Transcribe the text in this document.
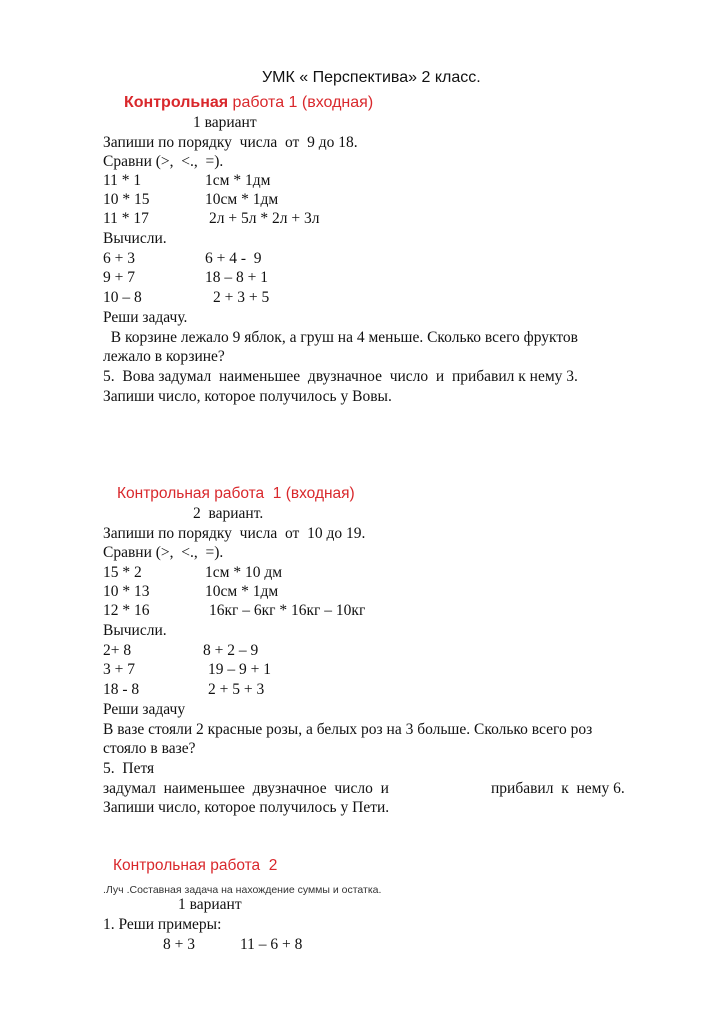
УМК « Перспектива» 2 класс.
Контрольная работа 1 (входная)
1 вариант
Запиши по порядку  числа  от  9 до 18.
Сравни (>,  <.,  =).
11 * 1	1см * 1дм
10 * 15	10см * 1дм
11 * 17	2л + 5л * 2л + 3л
Вычисли.
6 + 3	6 + 4 -  9
9 + 7	18 – 8 + 1
10 – 8	2 + 3 + 5
Реши задачу.
В корзине лежало 9 яблок, а груш на 4 меньше. Сколько всего фруктов
лежало в корзине?
5.  Вова задумал  наименьшее  двузначное  число  и  прибавил к нему 3.
Запиши число, которое получилось у Вовы.
Контрольная работа  1 (входная)
2  вариант.
Запиши по порядку  числа  от  10 до 19.
Сравни (>,  <.,  =).
15 * 2	1см * 10 дм
10 * 13	10см * 1дм
12 * 16	16кг – 6кг * 16кг – 10кг
Вычисли.
2+ 8	8 + 2 – 9
3 + 7	19 – 9 + 1
18 - 8	2 + 5 + 3
Реши задачу
В вазе стояли 2 красные розы, а белых роз на 3 больше. Сколько всего роз
стояло в вазе?
5.  Петя
задумал  наименьшее  двузначное  число  и	прибавил  к  нему 6.
Запиши число, которое получилось у Пети.
Контрольная работа  2
.Луч .Составная задача на нахождение суммы и остатка.
1 вариант
1. Реши примеры:
8 + 3	11 – 6 + 8
